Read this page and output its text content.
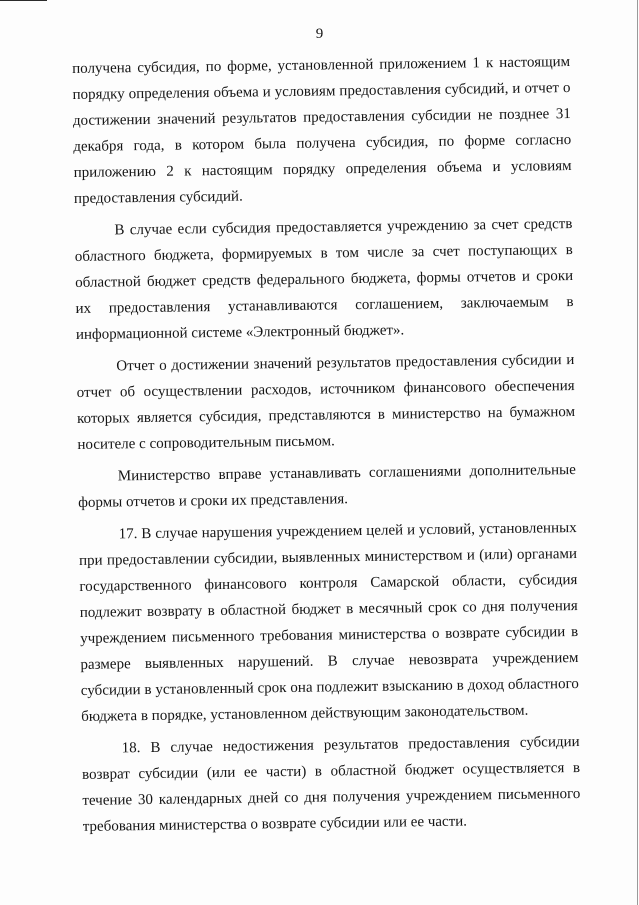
9

получена субсидия, по форме, установленной приложением 1 к настоящим порядку определения объема и условиям предоставления субсидий, и отчет о достижении значений результатов предоставления субсидии не позднее 31 декабря года, в котором была получена субсидия, по форме согласно приложению 2 к настоящим порядку определения объема и условиям предоставления субсидий.

В случае если субсидия предоставляется учреждению за счет средств областного бюджета, формируемых в том числе за счет поступающих в областной бюджет средств федерального бюджета, формы отчетов и сроки их предоставления устанавливаются соглашением, заключаемым в информационной системе «Электронный бюджет».

Отчет о достижении значений результатов предоставления субсидии и отчет об осуществлении расходов, источником финансового обеспечения которых является субсидия, представляются в министерство на бумажном носителе с сопроводительным письмом.

Министерство вправе устанавливать соглашениями дополнительные формы отчетов и сроки их представления.

17. В случае нарушения учреждением целей и условий, установленных при предоставлении субсидии, выявленных министерством и (или) органами государственного финансового контроля Самарской области, субсидия подлежит возврату в областной бюджет в месячный срок со дня получения учреждением письменного требования министерства о возврате субсидии в размере выявленных нарушений. В случае невозврата учреждением субсидии в установленный срок она подлежит взысканию в доход областного бюджета в порядке, установленном действующим законодательством.

18. В случае недостижения результатов предоставления субсидии возврат субсидии (или ее части) в областной бюджет осуществляется в течение 30 календарных дней со дня получения учреждением письменного требования министерства о возврате субсидии или ее части.
